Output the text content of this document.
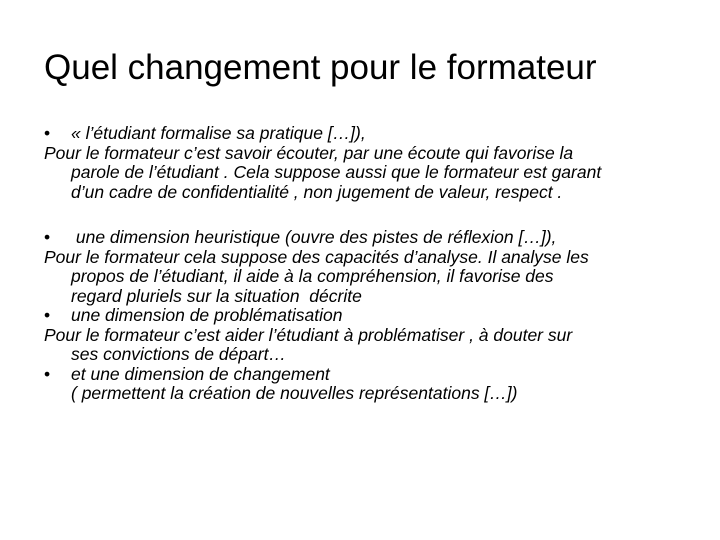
Quel changement pour le formateur

• « l’étudiant formalise sa pratique […]),

Pour le formateur c’est savoir écouter, par une écoute qui favorise la
parole de l’étudiant . Cela suppose aussi que le formateur est garant
d’un cadre de confidentialité , non jugement de valeur, respect .

• une dimension heuristique (ouvre des pistes de réflexion […]),

Pour le formateur cela suppose des capacités d’analyse. Il analyse les
propos de l’étudiant, il aide à la compréhension, il favorise des
regard pluriels sur la situation  décrite

• une dimension de problématisation

Pour le formateur c’est aider l’étudiant à problématiser , à douter sur
ses convictions de départ…

• et une dimension de changement
( permettent la création de nouvelles représentations […])
